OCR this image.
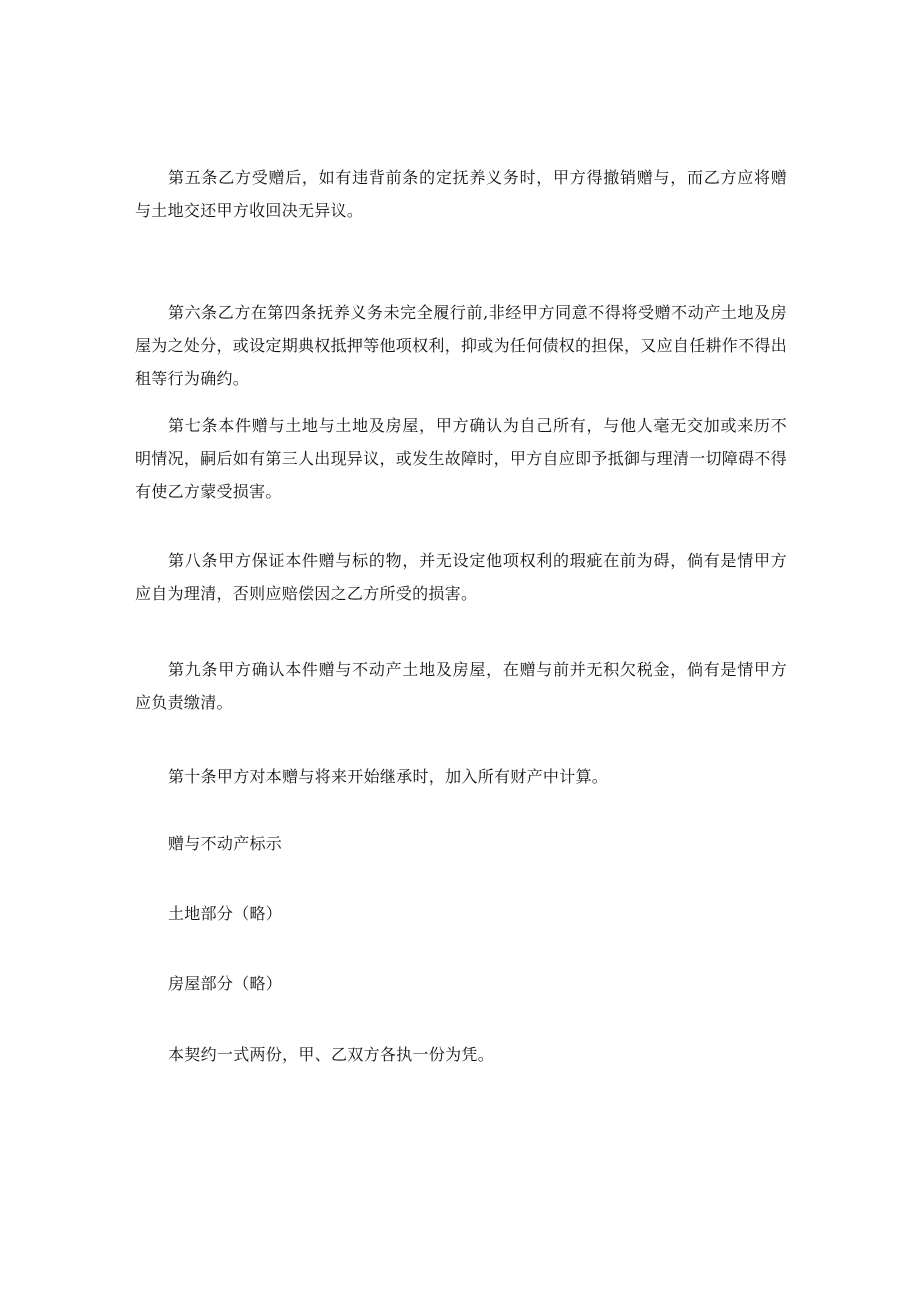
第五条乙方受赠后，如有违背前条的定抚养义务时，甲方得撤销赠与，而乙方应将赠与土地交还甲方收回决无异议。

第六条乙方在第四条抚养义务未完全履行前,非经甲方同意不得将受赠不动产土地及房屋为之处分，或设定期典权抵押等他项权利，抑或为任何债权的担保，又应自任耕作不得出租等行为确约。

第七条本件赠与土地与土地及房屋，甲方确认为自己所有，与他人毫无交加或来历不明情况，嗣后如有第三人出现异议，或发生故障时，甲方自应即予抵御与理清一切障碍不得有使乙方蒙受损害。

第八条甲方保证本件赠与标的物，并无设定他项权利的瑕疵在前为碍，倘有是情甲方应自为理清，否则应赔偿因之乙方所受的损害。

第九条甲方确认本件赠与不动产土地及房屋，在赠与前并无积欠税金，倘有是情甲方应负责缴清。

第十条甲方对本赠与将来开始继承时，加入所有财产中计算。

赠与不动产标示

土地部分（略）

房屋部分（略）

本契约一式两份，甲、乙双方各执一份为凭。
